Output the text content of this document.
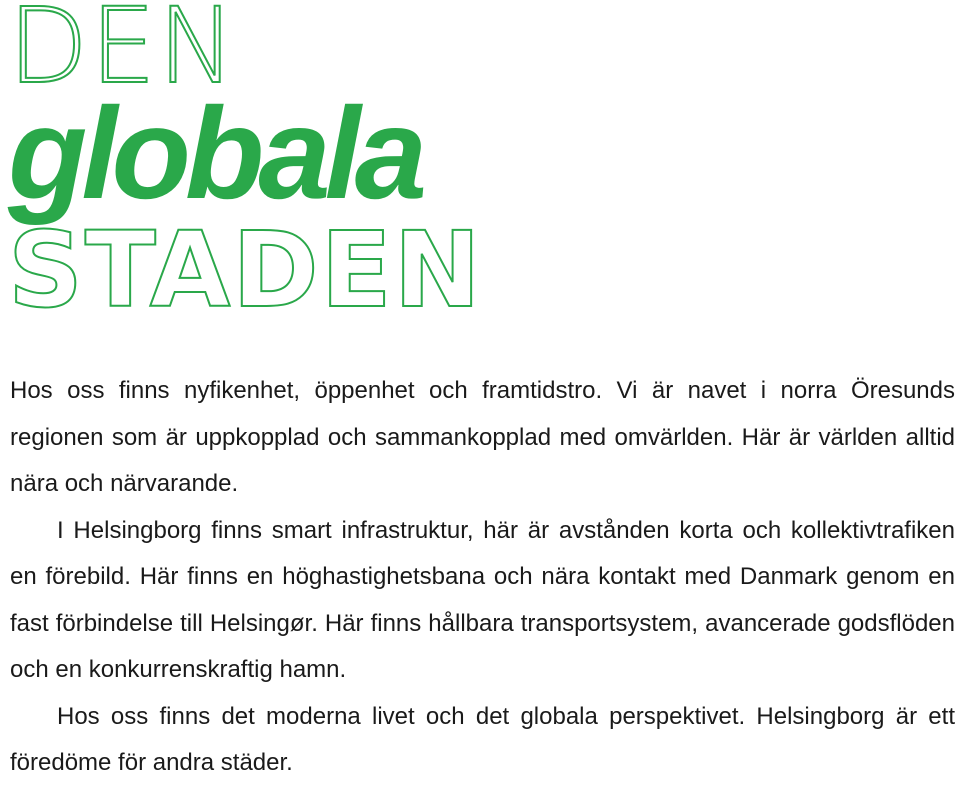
DEN
globala
STADEN

Hos oss finns nyfikenhet, öppenhet och framtidstro. Vi är navet i norra Öresunds regionen som är uppkopplad och sammankopplad med omvärlden. Här är världen alltid nära och närvarande.

I Helsingborg finns smart infrastruktur, här är avstånden korta och kollektivtrafiken en förebild. Här finns en höghastighetsbana och nära kontakt med Danmark genom en fast förbindelse till Helsingør. Här finns hållbara transportsystem, avancerade godsflöden och en konkurrenskraftig hamn.

Hos oss finns det moderna livet och det globala perspektivet. Helsingborg är ett föredöme för andra städer.
